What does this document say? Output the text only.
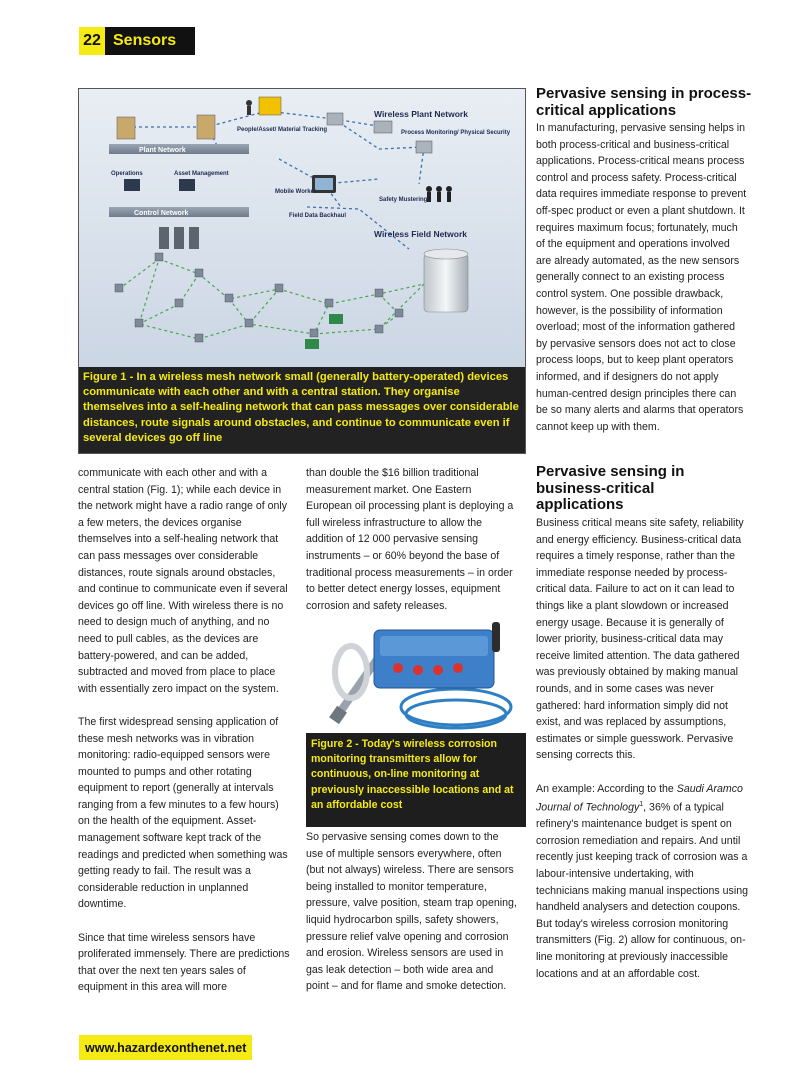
22 Sensors
Wireless Plant Network
People/Asset/ Material Tracking	Process Monitoring/ Physical Security
Plant Network
Operations	Asset Management
Mobile Worker
Safety Mustering
Control Network	Field Data Backhaul
Wireless Field Network
Figure 1 - In a wireless mesh network small (generally battery-operated) devices communicate with each other and with a central station. They organise themselves into a self-healing network that can pass messages over considerable distances, route signals around obstacles, and continue to communicate even if several devices go off line

communicate with each other and with a central station (Fig. 1); while each device in the network might have a radio range of only a few meters, the devices organise themselves into a self-healing network that can pass messages over considerable distances, route signals around obstacles, and continue to communicate even if several devices go off line. With wireless there is no need to design much of anything, and no need to pull cables, as the devices are battery-powered, and can be added, subtracted and moved from place to place with essentially zero impact on the system.

The first widespread sensing application of these mesh networks was in vibration monitoring: radio-equipped sensors were mounted to pumps and other rotating equipment to report (generally at intervals ranging from a few minutes to a few hours) on the health of the equipment. Asset-management software kept track of the readings and predicted when something was getting ready to fail. The result was a considerable reduction in unplanned downtime.

Since that time wireless sensors have proliferated immensely. There are predictions that over the next ten years sales of equipment in this area will more

than double the $16 billion traditional measurement market. One Eastern European oil processing plant is deploying a full wireless infrastructure to allow the addition of 12 000 pervasive sensing instruments – or 60% beyond the base of traditional process measurements – in order to better detect energy losses, equipment corrosion and safety releases.

Figure 2 - Today's wireless corrosion monitoring transmitters allow for continuous, on-line monitoring at previously inaccessible locations and at an affordable cost

So pervasive sensing comes down to the use of multiple sensors everywhere, often (but not always) wireless. There are sensors being installed to monitor temperature, pressure, valve position, steam trap opening, liquid hydrocarbon spills, safety showers, pressure relief valve opening and corrosion and erosion. Wireless sensors are used in gas leak detection – both wide area and point – and for flame and smoke detection.

Pervasive sensing in process-critical applications

In manufacturing, pervasive sensing helps in both process-critical and business-critical applications. Process-critical means process control and process safety. Process-critical data requires immediate response to prevent off-spec product or even a plant shutdown. It requires maximum focus; fortunately, much of the equipment and operations involved are already automated, as the new sensors generally connect to an existing process control system. One possible drawback, however, is the possibility of information overload; most of the information gathered by pervasive sensors does not act to close process loops, but to keep plant operators informed, and if designers do not apply human-centred design principles there can be so many alerts and alarms that operators cannot keep up with them.

Pervasive sensing in business-critical applications

Business critical means site safety, reliability and energy efficiency. Business-critical data requires a timely response, rather than the immediate response needed by process-critical data. Failure to act on it can lead to things like a plant slowdown or increased energy usage. Because it is generally of lower priority, business-critical data may receive limited attention. The data gathered was previously obtained by making manual rounds, and in some cases was never gathered: hard information simply did not exist, and was replaced by assumptions, estimates or simple guesswork. Pervasive sensing corrects this.

An example: According to the Saudi Aramco Journal of Technology$^1$, 36% of a typical refinery's maintenance budget is spent on corrosion remediation and repairs. And until recently just keeping track of corrosion was a labour-intensive undertaking, with technicians making manual inspections using handheld analysers and detection coupons. But today's wireless corrosion monitoring transmitters (Fig. 2) allow for continuous, on-line monitoring at previously inaccessible locations and at an affordable cost.

www.hazardexonthenet.net
